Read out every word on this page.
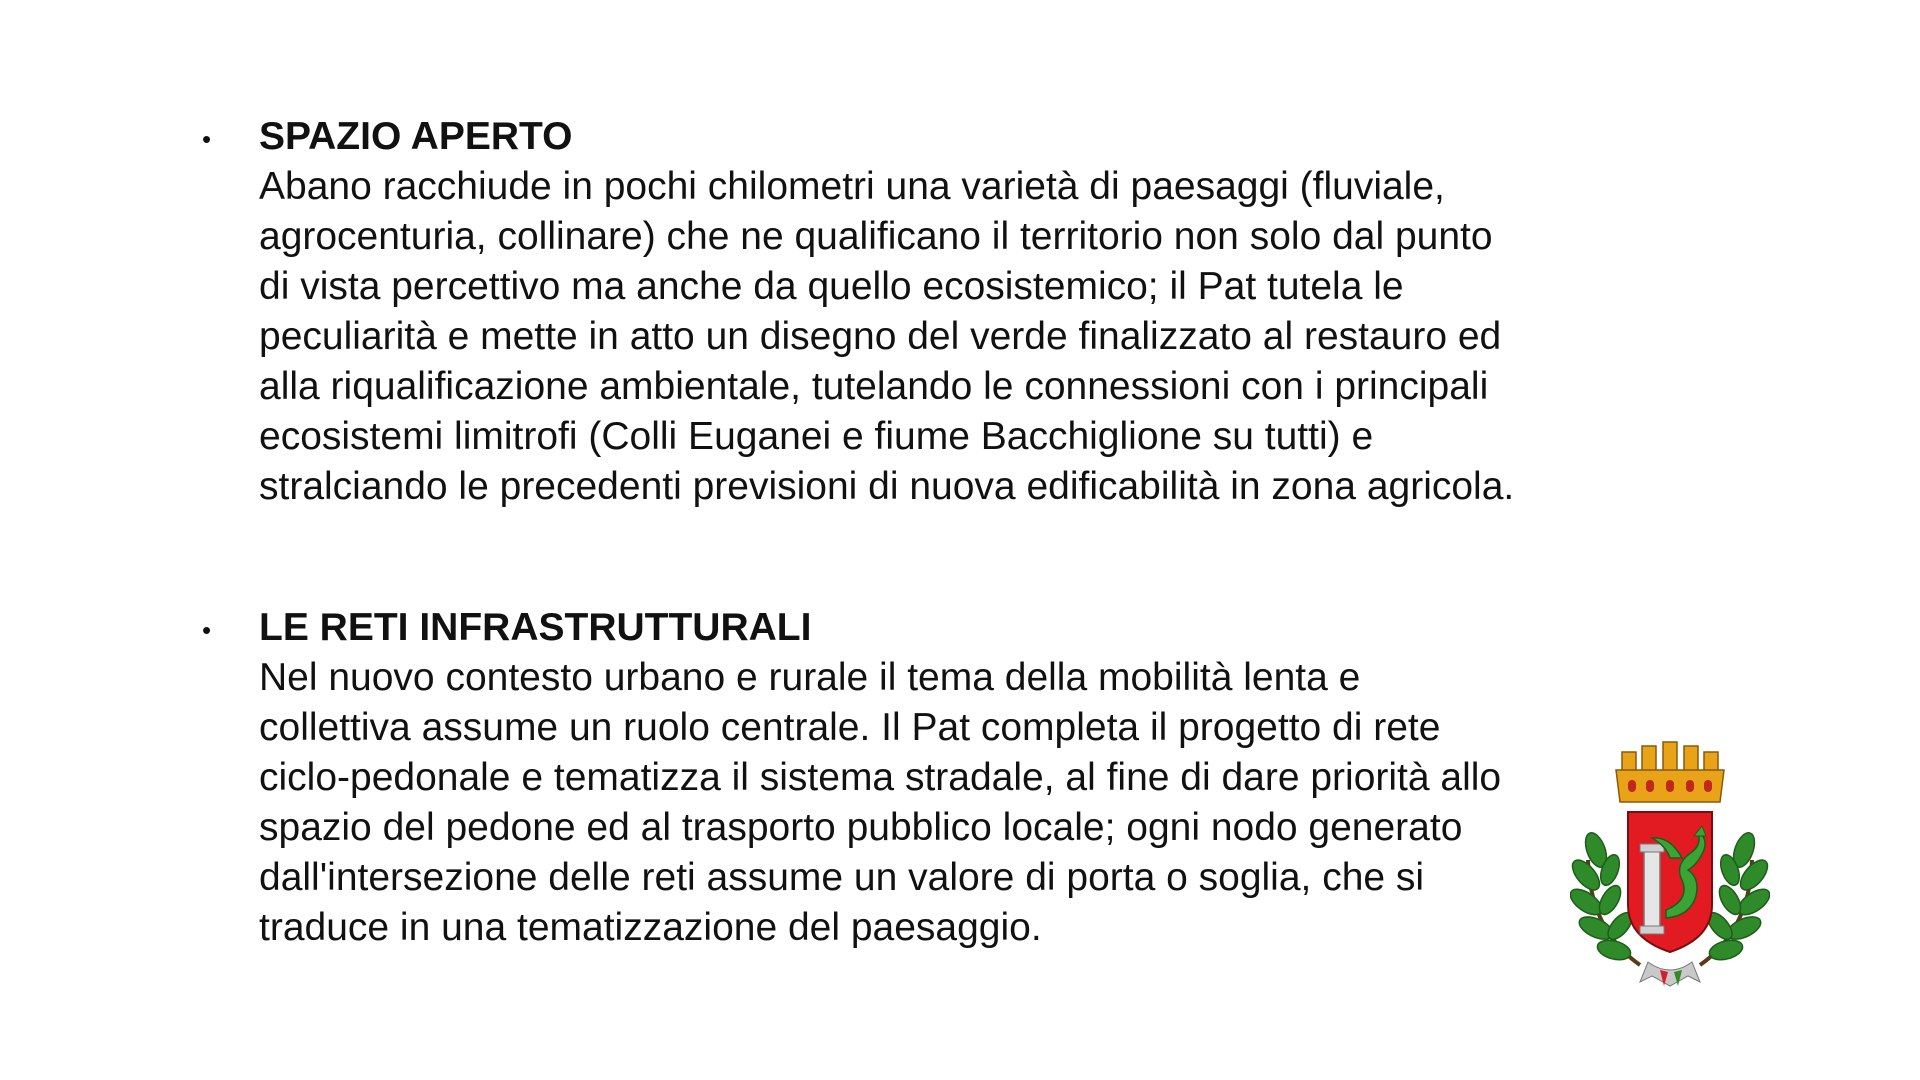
• SPAZIO APERTO
Abano racchiude in pochi chilometri una varietà di paesaggi (fluviale,
agrocenturia, collinare) che ne qualificano il territorio non solo dal punto
di vista percettivo ma anche da quello ecosistemico; il Pat tutela le
peculiarità e mette in atto un disegno del verde finalizzato al restauro ed
alla riqualificazione ambientale, tutelando le connessioni con i principali
ecosistemi limitrofi (Colli Euganei e fiume Bacchiglione su tutti) e
stralciando le precedenti previsioni di nuova edificabilità in zona agricola.
• LE RETI INFRASTRUTTURALI
Nel nuovo contesto urbano e rurale il tema della mobilità lenta e
collettiva assume un ruolo centrale. Il Pat completa il progetto di rete
ciclo-pedonale e tematizza il sistema stradale, al fine di dare priorità allo
spazio del pedone ed al trasporto pubblico locale; ogni nodo generato
dall'intersezione delle reti assume un valore di porta o soglia, che si
traduce in una tematizzazione del paesaggio.
